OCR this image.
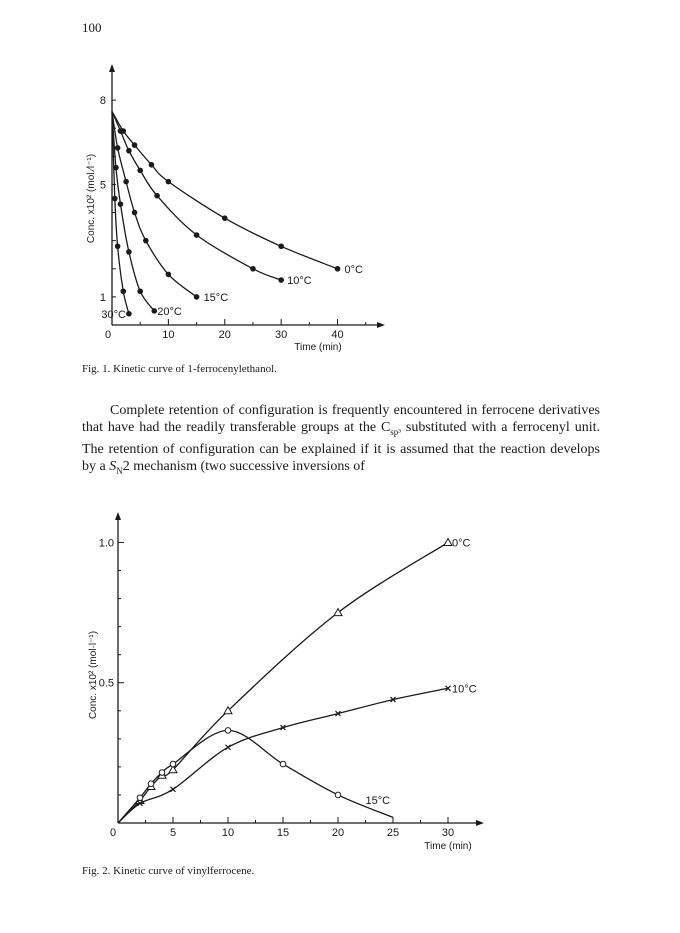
100
0	10	20	30	40
1
5
8
Time (min)
Conc. x10² (mol.⁄l⁻¹)
0°C
10°C
15°C
20°C
30°C
Fig. 1. Kinetic curve of 1-ferrocenylethanol.

Complete retention of configuration is frequently encountered in ferrocene derivatives that have had the readily transferable groups at the $C_{sp^3}$ substituted with a ferrocenyl unit. The retention of configuration can be explained if it is assumed that the reaction develops by a $S_N2$ mechanism (two successive inversions of

0	5	10	15	20	25	30
0.5
1.0
Time (min)
Conc. x10² (mol·l⁻¹)
0°C
10°C
15°C
Fig. 2. Kinetic curve of vinylferrocene.
